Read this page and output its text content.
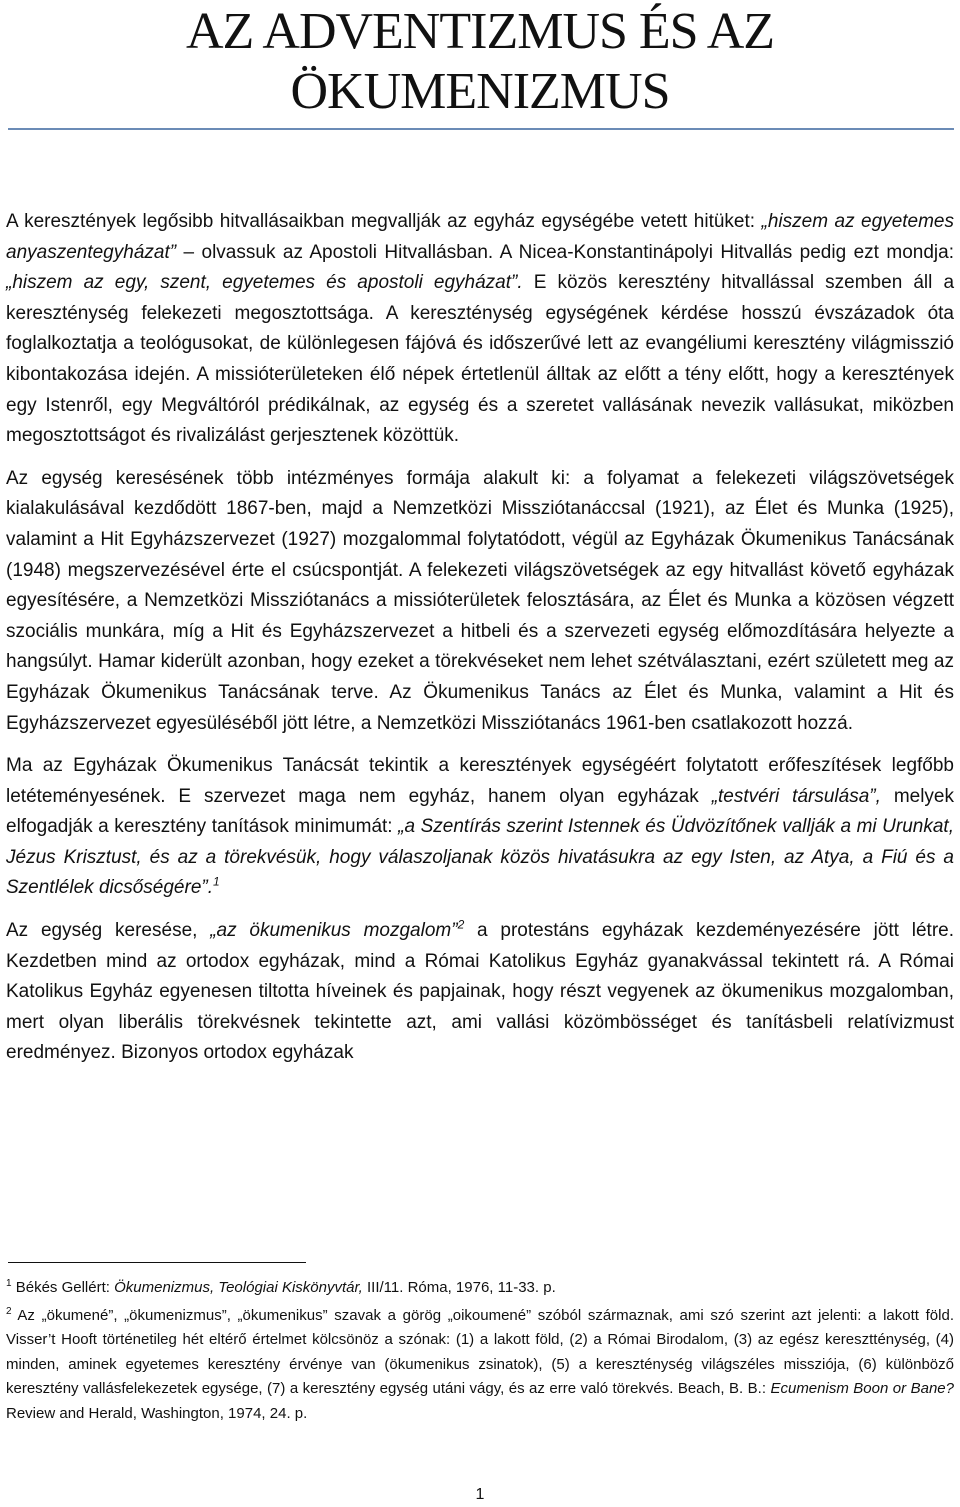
AZ ADVENTIZMUS ÉS AZ
ÖKUMENIZMUS

A keresztények legősibb hitvallásaikban megvallják az egyház egységébe vetett hitüket: „hiszem az egyetemes anyaszentegyházat” – olvassuk az Apostoli Hitvallásban. A Nicea-Konstantinápolyi Hitvallás pedig ezt mondja: „hiszem az egy, szent, egyetemes és apostoli egyházat”. E közös keresztény hitvallással szemben áll a kereszténység felekezeti megosztottsága. A kereszténység egységének kérdése hosszú évszázadok óta foglalkoztatja a teológusokat, de különlegesen fájóvá és időszerűvé lett az evangéliumi keresztény világmisszió kibontakozása idején. A missióterületeken élő népek értetlenül álltak az előtt a tény előtt, hogy a keresztények egy Istenről, egy Megváltóról prédikálnak, az egység és a szeretet vallásának nevezik vallásukat, miközben megosztottságot és rivalizálást gerjesztenek közöttük.

Az egység keresésének több intézményes formája alakult ki: a folyamat a felekezeti világszövetségek kialakulásával kezdődött 1867-ben, majd a Nemzetközi Missziótanáccsal (1921), az Élet és Munka (1925), valamint a Hit Egyházszervezet (1927) mozgalommal folytatódott, végül az Egyházak Ökumenikus Tanácsának (1948) megszervezésével érte el csúcspontját. A felekezeti világszövetségek az egy hitvallást követő egyházak egyesítésére, a Nemzetközi Missziótanács a missióterületek felosztására, az Élet és Munka a közösen végzett szociális munkára, míg a Hit és Egyházszervezet a hitbeli és a szervezeti egység előmozdítására helyezte a hangsúlyt. Hamar kiderült azonban, hogy ezeket a törekvéseket nem lehet szétválasztani, ezért született meg az Egyházak Ökumenikus Tanácsának terve. Az Ökumenikus Tanács az Élet és Munka, valamint a Hit és Egyházszervezet egyesüléséből jött létre, a Nemzetközi Missziótanács 1961-ben csatlakozott hozzá.

Ma az Egyházak Ökumenikus Tanácsát tekintik a keresztények egységéért folytatott erőfeszítések legfőbb letéteményesének. E szervezet maga nem egyház, hanem olyan egyházak „testvéri társulása”, melyek elfogadják a keresztény tanítások minimumát: „a Szentírás szerint Istennek és Üdvözítőnek vallják a mi Urunkat, Jézus Krisztust, és az a törekvésük, hogy válaszoljanak közös hivatásukra az egy Isten, az Atya, a Fiú és a Szentlélek dicsőségére”.$^1$

Az egység keresése, „az ökumenikus mozgalom”$^2$ a protestáns egyházak kezdeményezésére jött létre. Kezdetben mind az ortodox egyházak, mind a Római Katolikus Egyház gyanakvással tekintett rá. A Római Katolikus Egyház egyenesen tiltotta híveinek és papjainak, hogy részt vegyenek az ökumenikus mozgalomban, mert olyan liberális törekvésnek tekintette azt, ami vallási közömbösséget és tanításbeli relatívizmust eredményez. Bizonyos ortodox egyházak

$^1$ Békés Gellért: Ökumenizmus, Teológiai Kiskönyvtár, III/11. Róma, 1976, 11-33. p.

$^2$ Az „ökumené”, „ökumenizmus”, „ökumenikus” szavak a görög „oikoumené” szóból származnak, ami szó szerint azt jelenti: a lakott föld. Visser’t Hooft történetileg hét eltérő értelmet kölcsönöz a szónak: (1) a lakott föld, (2) a Római Birodalom, (3) az egész keresztténység, (4) minden, aminek egyetemes keresztény érvénye van (ökumenikus zsinatok), (5) a kereszténység világszéles missziója, (6) különböző keresztény vallásfelekezetek egysége, (7) a keresztény egység utáni vágy, és az erre való törekvés. Beach, B. B.: Ecumenism Boon or Bane? Review and Herald, Washington, 1974, 24. p.

1
